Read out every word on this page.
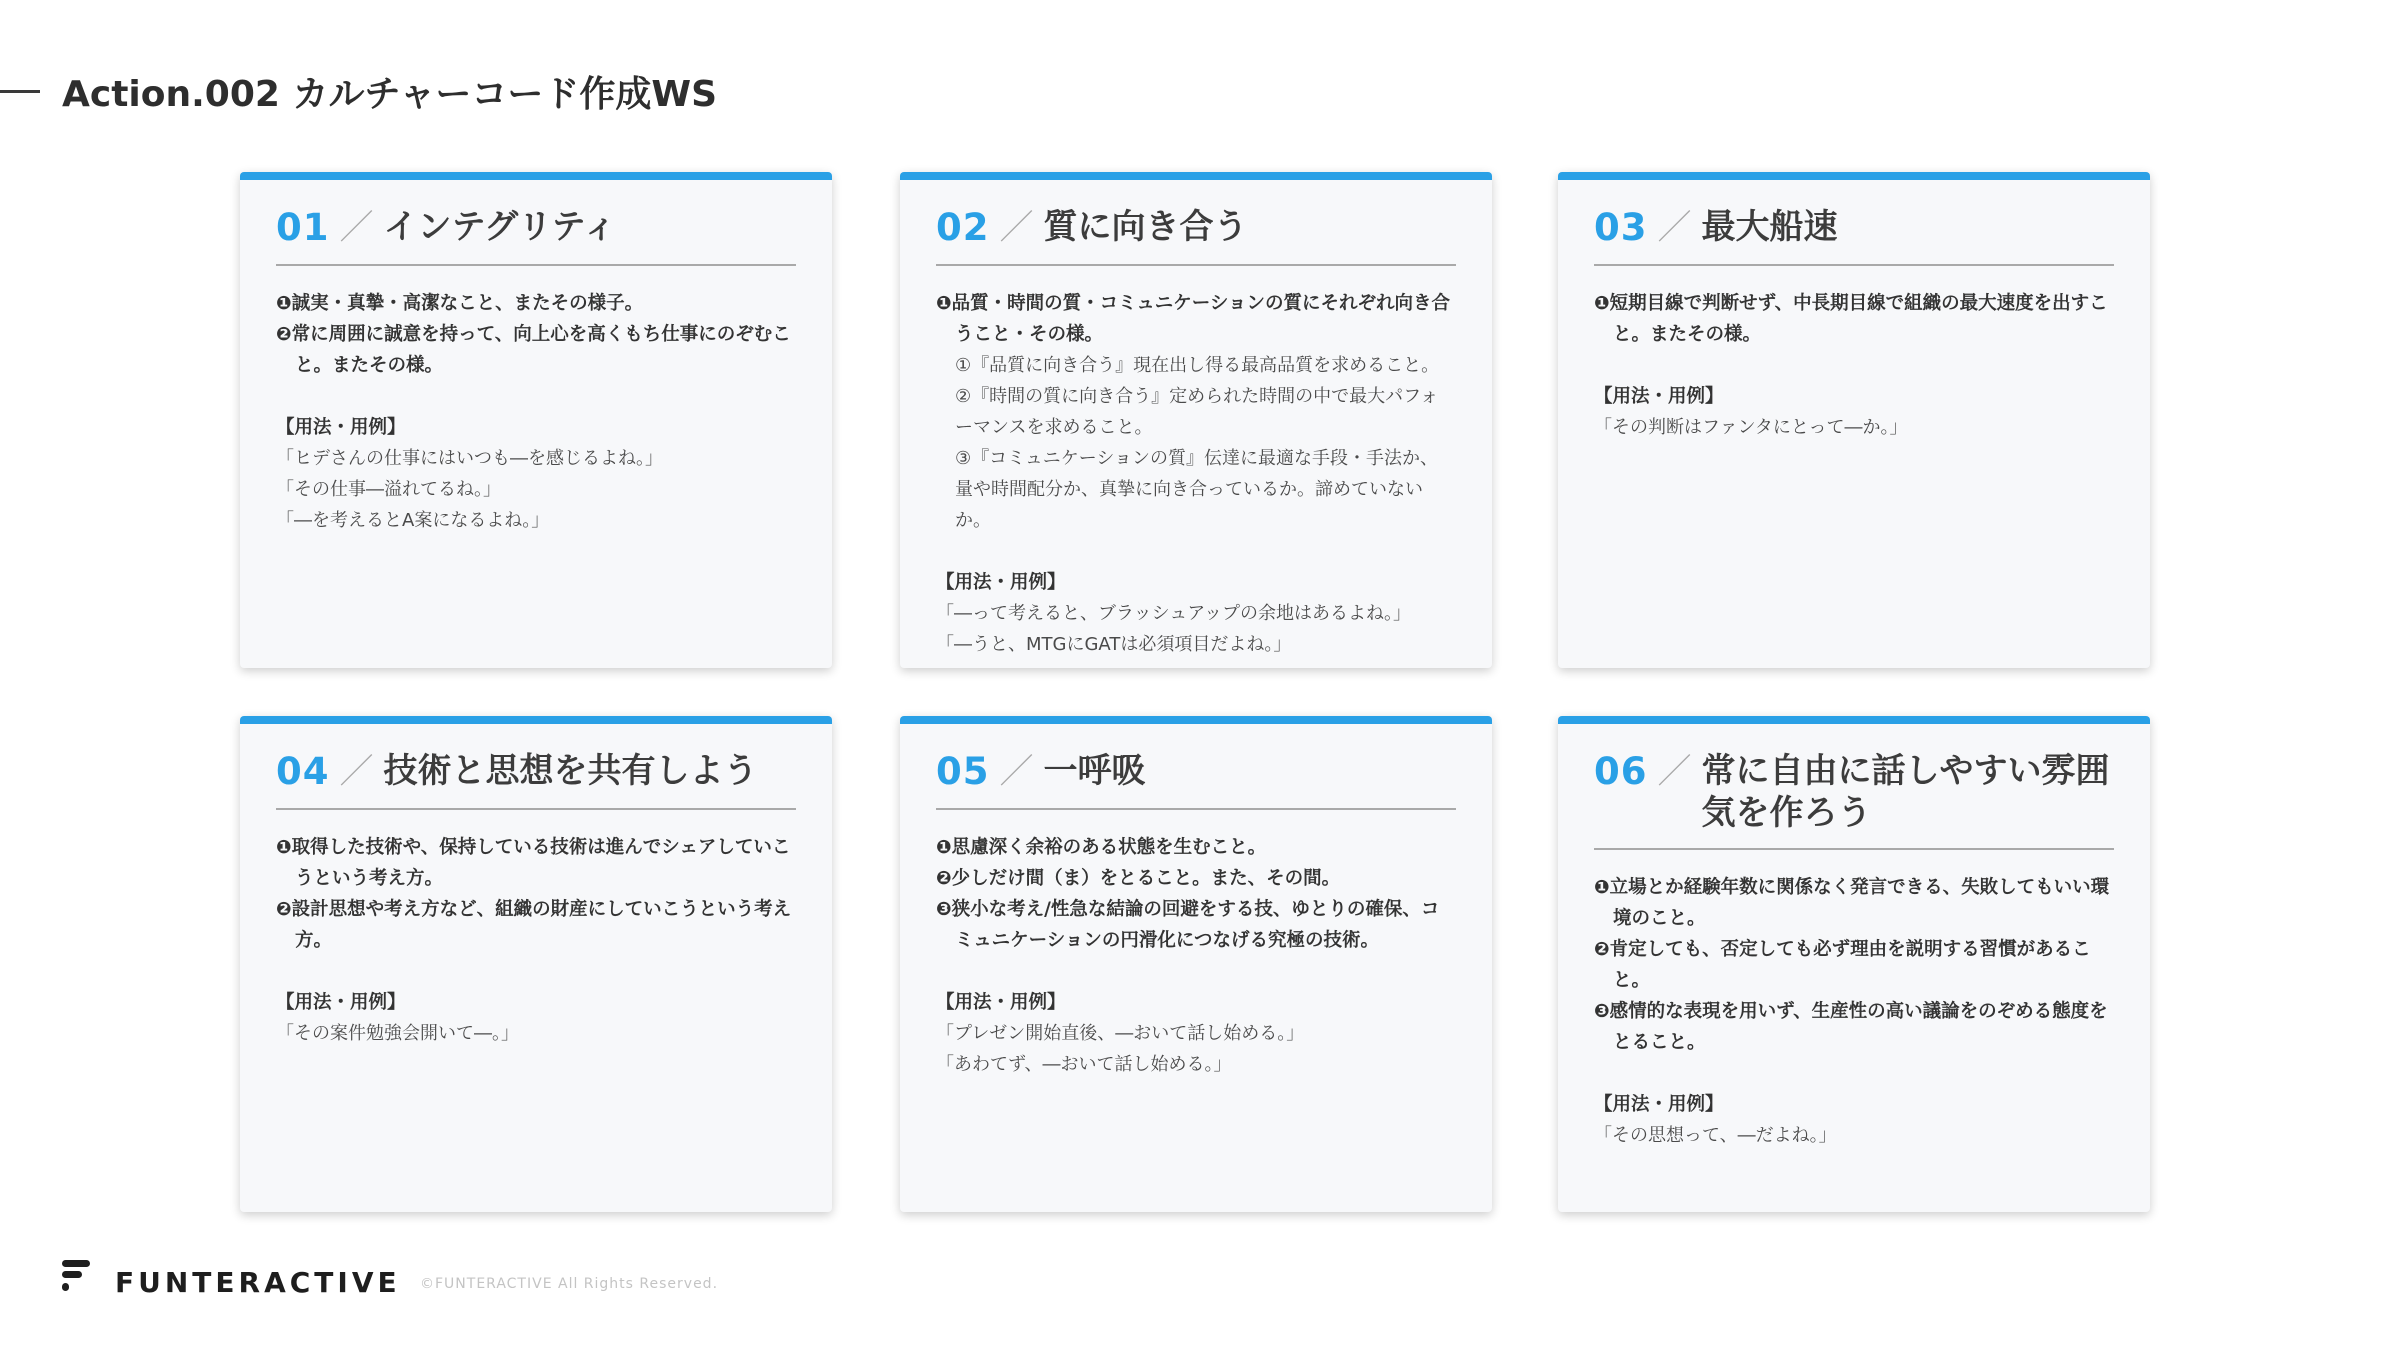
Action.002 カルチャーコード作成WS
01 ／ インテグリティ
❶誠実・真摯・高潔なこと、またその様子。
❷常に周囲に誠意を持って、向上心を高くもち仕事にのぞむこと。またその様。
【用法・用例】
「ヒデさんの仕事にはいつも―を感じるよね。」
「その仕事―溢れてるね。」
「―を考えるとA案になるよね。」
02 ／ 質に向き合う
❶品質・時間の質・コミュニケーションの質にそれぞれ向き合うこと・その様。
①『品質に向き合う』現在出し得る最高品質を求めること。
②『時間の質に向き合う』定められた時間の中で最大パフォーマンスを求めること。
③『コミュニケーションの質』伝達に最適な手段・手法か、量や時間配分か、真摯に向き合っているか。諦めていないか。
【用法・用例】
「―って考えると、ブラッシュアップの余地はあるよね。」
「―うと、MTGにGATは必須項目だよね。」
03 ／ 最大船速
❶短期目線で判断せず、中長期目線で組織の最大速度を出すこと。またその様。
【用法・用例】
「その判断はファンタにとって―か。」
04 ／ 技術と思想を共有しよう
❶取得した技術や、保持している技術は進んでシェアしていこうという考え方。
❷設計思想や考え方など、組織の財産にしていこうという考え方。
【用法・用例】
「その案件勉強会開いて―。」
05 ／ 一呼吸
❶思慮深く余裕のある状態を生むこと。
❷少しだけ間（ま）をとること。また、その間。
❸狭小な考え/性急な結論の回避をする技、ゆとりの確保、コミュニケーションの円滑化につなげる究極の技術。
【用法・用例】
「プレゼン開始直後、―おいて話し始める。」
「あわてず、―おいて話し始める。」
06 ／ 常に自由に話しやすい雰囲気を作ろう
❶立場とか経験年数に関係なく発言できる、失敗してもいい環境のこと。
❷肯定しても、否定しても必ず理由を説明する習慣があること。
❸感情的な表現を用いず、生産性の高い議論をのぞめる態度をとること。
【用法・用例】
「その思想って、―だよね。」
FUNTERACTIVE ©FUNTERACTIVE All Rights Reserved.
